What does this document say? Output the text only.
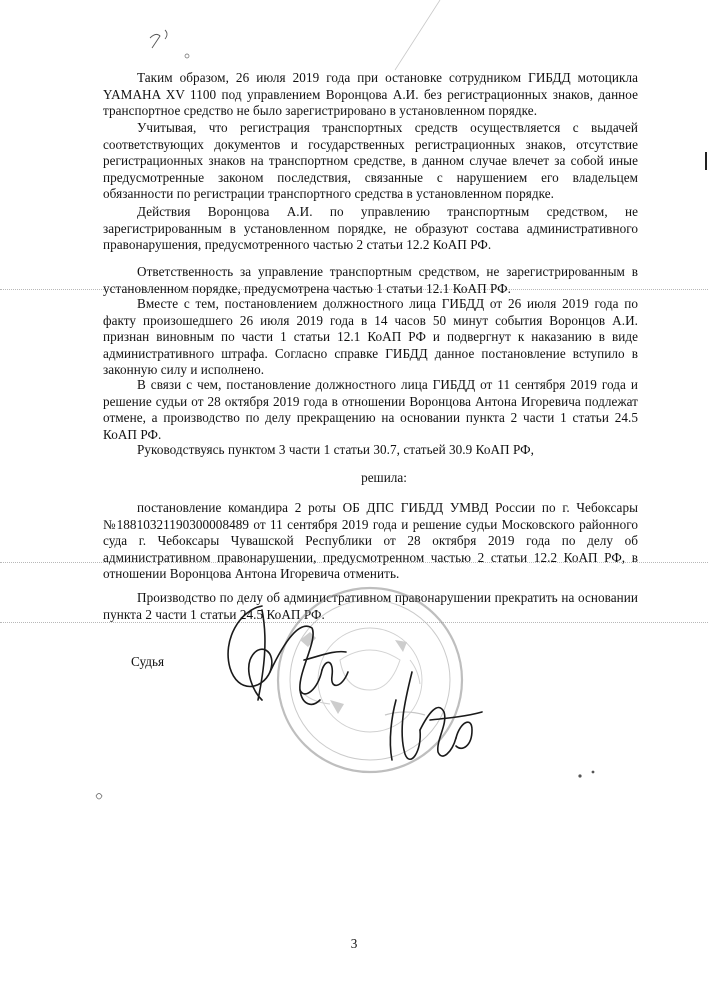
Таким образом, 26 июля 2019 года при остановке сотрудником ГИБДД мотоцикла YAMAHA XV 1100 под управлением Воронцова А.И. без регистрационных знаков, данное транспортное средство не было зарегистрировано в установленном порядке.

Учитывая, что регистрация транспортных средств осуществляется с выдачей соответствующих документов и государственных регистрационных знаков, отсутствие регистрационных знаков на транспортном средстве, в данном случае влечет за собой иные предусмотренные законом последствия, связанные с нарушением его владельцем обязанности по регистрации транспортного средства в установленном порядке.

Действия Воронцова А.И. по управлению транспортным средством, не зарегистрированным в установленном порядке, не образуют состава административного правонарушения, предусмотренного частью 2 статьи 12.2 КоАП РФ.

Ответственность за управление транспортным средством, не зарегистрированным в установленном порядке, предусмотрена частью 1 статьи 12.1 КоАП РФ.

Вместе с тем, постановлением должностного лица ГИБДД от 26 июля 2019 года по факту произошедшего 26 июля 2019 года в 14 часов 50 минут события Воронцов А.И. признан виновным по части 1 статьи 12.1 КоАП РФ и подвергнут к наказанию в виде административного штрафа. Согласно справке ГИБДД данное постановление вступило в законную силу и исполнено.

В связи с чем, постановление должностного лица ГИБДД от 11 сентября 2019 года и решение судьи от 28 октября 2019 года в отношении Воронцова Антона Игоревича подлежат отмене, а производство по делу прекращению на основании пункта 2 части 1 статьи 24.5 КоАП РФ.

Руководствуясь пунктом 3 части 1 статьи 30.7, статьей 30.9 КоАП РФ,

решила:

постановление командира 2 роты ОБ ДПС ГИБДД УМВД России по г. Чебоксары №18810321190300008489 от 11 сентября 2019 года и решение судьи Московского районного суда г. Чебоксары Чувашской Республики от 28 октября 2019 года по делу об административном правонарушении, предусмотренном частью 2 статьи 12.2 КоАП РФ, в отношении Воронцова Антона Игоревича отменить.

Производство по делу об административном правонарушении прекратить на основании пункта 2 части 1 статьи 24.5 КоАП РФ.

Судья
3
